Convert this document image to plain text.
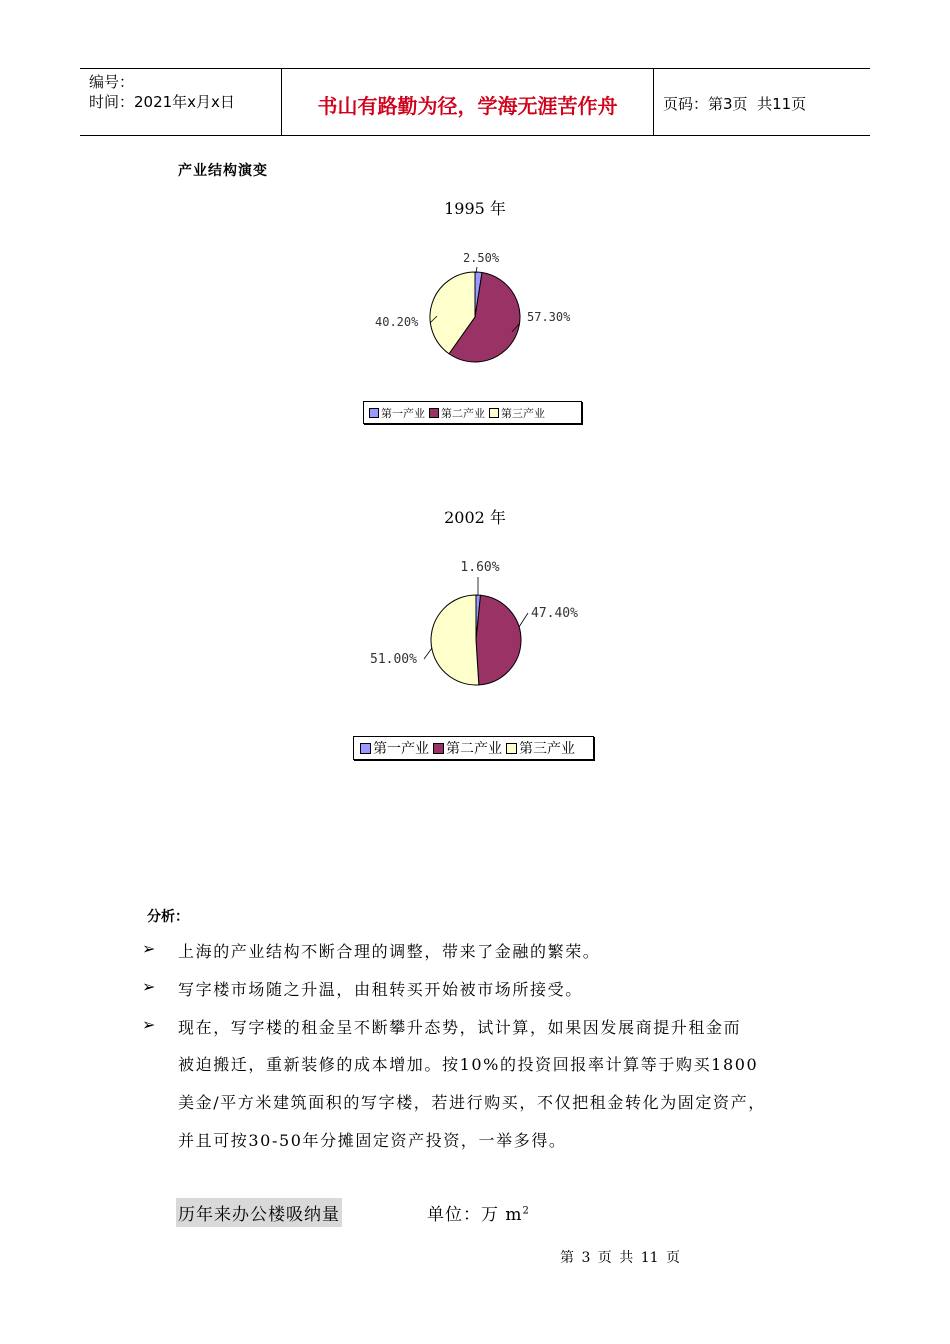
编号：
时间：2021年x月x日	书山有路勤为径，学海无涯苦作舟	页码：第3页  共11页
产业结构演变
1995 年
2.50%
57.30%
40.20%
第一产业 第二产业 第三产业
2002 年
1.60%
47.40%
51.00%
第一产业 第二产业 第三产业
分析：
➢ 上海的产业结构不断合理的调整，带来了金融的繁荣。
➢ 写字楼市场随之升温，由租转买开始被市场所接受。
➢ 现在，写字楼的租金呈不断攀升态势，试计算，如果因发展商提升租金而
被迫搬迁，重新装修的成本增加。按10%的投资回报率计算等于购买1800
美金/平方米建筑面积的写字楼，若进行购买，不仅把租金转化为固定资产，
并且可按30-50年分摊固定资产投资，一举多得。
历年来办公楼吸纳量	单位：万 $m^2$
第 3 页 共 11 页
